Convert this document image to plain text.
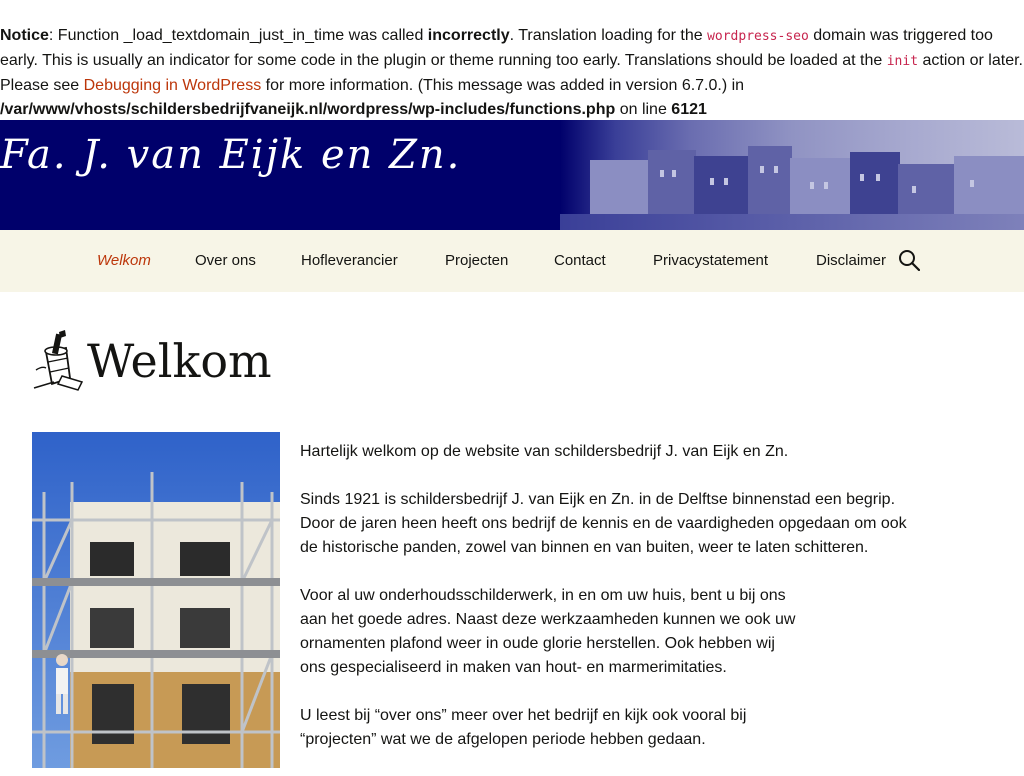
Notice: Function _load_textdomain_just_in_time was called incorrectly. Translation loading for the wordpress-seo domain was triggered too early. This is usually an indicator for some code in the plugin or theme running too early. Translations should be loaded at the init action or later. Please see Debugging in WordPress for more information. (This message was added in version 6.7.0.) in /var/www/vhosts/schildersbedrijfvaneijk.nl/wordpress/wp-includes/functions.php on line 6121
Fa. J. van Eijk en Zn.
Welkom	Over ons	Hofleverancier	Projecten	Contact	Privacystatement	Disclaimer
Welkom

Hartelijk welkom op de website van schildersbedrijf J. van Eijk en Zn.

Sinds 1921 is schildersbedrijf J. van Eijk en Zn. in de Delftse binnenstad een begrip.
Door de jaren heen heeft ons bedrijf de kennis en de vaardigheden opgedaan om ook
de historische panden, zowel van binnen en van buiten, weer te laten schitteren.

Voor al uw onderhoudsschilderwerk, in en om uw huis, bent u bij ons
aan het goede adres. Naast deze werkzaamheden kunnen we ook uw
ornamenten plafond weer in oude glorie herstellen. Ook hebben wij
ons gespecialiseerd in maken van hout- en marmerimitaties.

U leest bij “over ons” meer over het bedrijf en kijk ook vooral bij
“projecten” wat we de afgelopen periode hebben gedaan.
